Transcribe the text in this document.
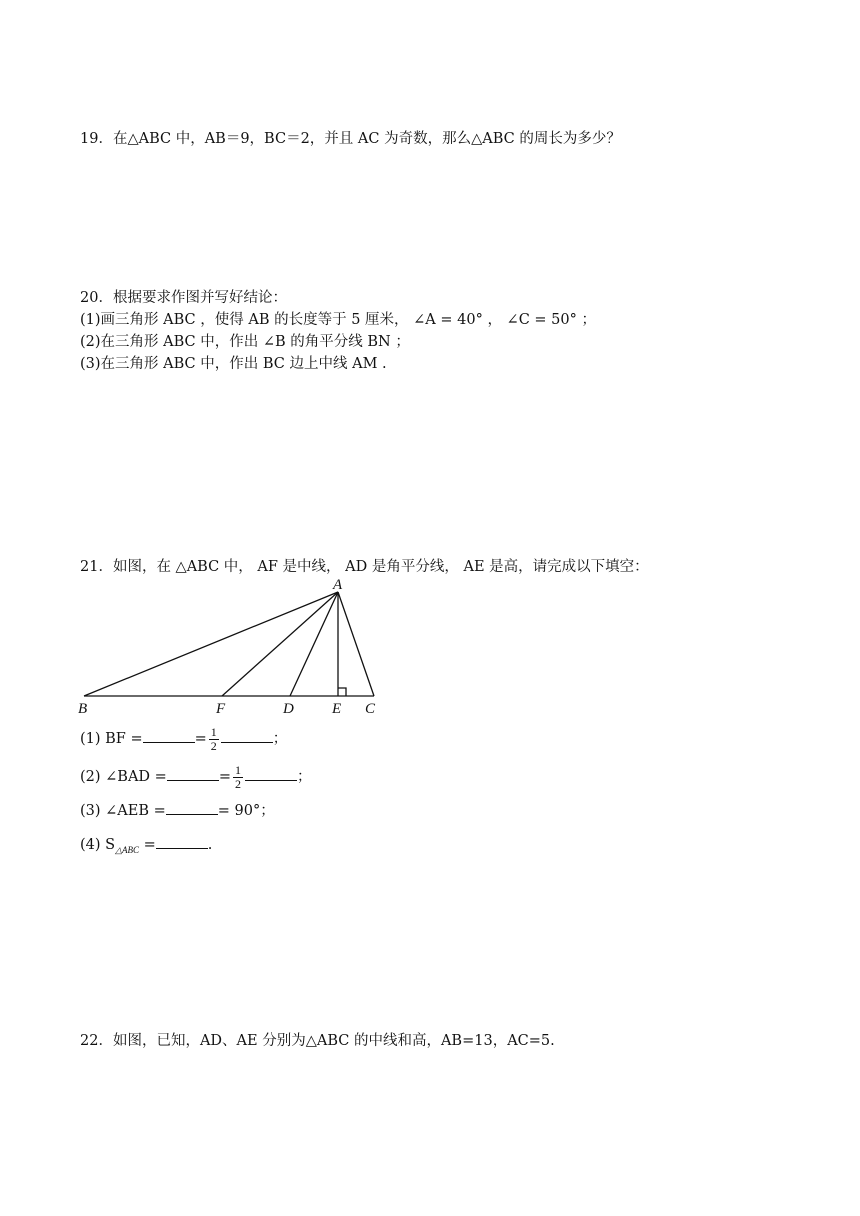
19．在△ABC 中，AB＝9，BC＝2，并且 AC 为奇数，那么△ABC 的周长为多少？
20．根据要求作图并写好结论：
(1)画三角形 ABC ，使得 AB 的长度等于 5 厘米， ∠A = 40° ， ∠C = 50° ；
(2)在三角形 ABC 中，作出 ∠B 的角平分线 BN ；
(3)在三角形 ABC 中，作出 BC 边上中线 AM .
21．如图，在 △ABC 中， AF 是中线， AD 是角平分线， AE 是高，请完成以下填空：
A
B	F	D	E C
(1) BF =	= $\frac{1}{2}$	；
(2) ∠BAD =	= $\frac{1}{2}$	；
(3) ∠AEB =	= 90°；
(4) $S_{\triangle ABC}$ =	.
22．如图，已知，AD、AE 分别为△ABC 的中线和高，AB=13，AC=5.
